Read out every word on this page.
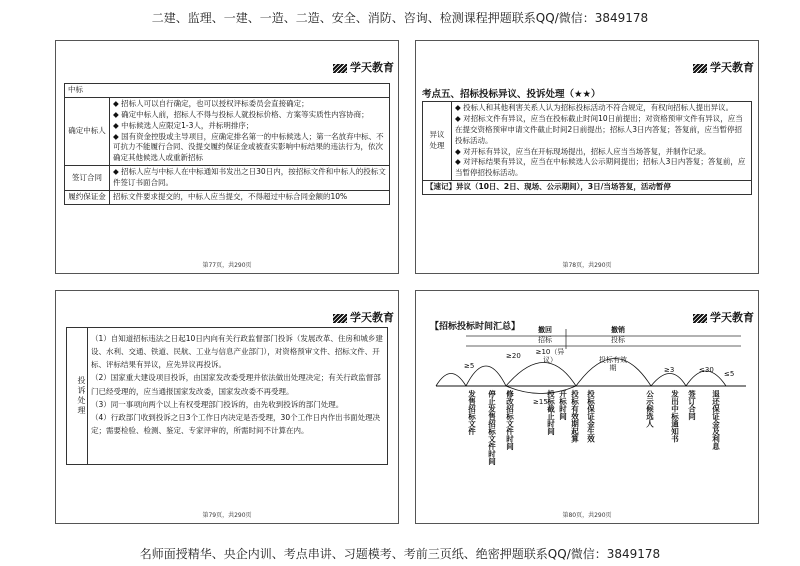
二建、监理、一建、一造、二造、安全、消防、咨询、检测课程押题联系QQ/微信：3849178
学天教育
中标	
确定中标人	◆ 招标人可以自行确定，也可以授权评标委员会直接确定；

◆ 确定中标人前，招标人不得与投标人就投标价格、方案等实质性内容协商；

◆ 中标候选人应限定1-3人，并标明排序；

◆ 国有资金控股或主导项目，应确定排名第一的中标候选人；第一名放弃中标、不可抗力不能履行合同、没提交履约保证金或被查实影响中标结果的违法行为，依次确定其他候选人或重新招标

签订合同	◆ 招标人应与中标人在中标通知书发出之日30日内，按招标文件和中标人的投标文件签订书面合同。
履约保证金	招标文件要求提交的，中标人应当提交，不得超过中标合同金额的10%
第77页，共290页
学天教育
考点五、招标投标异议、投诉处理（★★）
异议处理	

◆ 投标人和其他利害关系人认为招标投标活动不符合规定，有权向招标人提出异议。

◆ 对招标文件有异议，应当在投标截止时间10日前提出；对资格预审文件有异议，应当在提交资格预审申请文件截止时间2日前提出；招标人3日内答复；答复前，应当暂停招投标活动。

◆ 对开标有异议，应当在开标现场提出，招标人应当当场答复，并制作记录。

◆ 对评标结果有异议，应当在中标候选人公示期间提出；招标人3日内答复；答复前，应当暂停招投标活动。

【速记】异议（10日、2日、现场、公示期间），3日/当场答复，活动暂停
第78页，共290页
学天教育
投诉处理

（1）自知道招标违法之日起10日内向有关行政监督部门投诉（发展改革、住房和城乡建设、水利、交通、铁道、民航、工业与信息产业部门），对资格预审文件、招标文件、开标、评标结果有异议，应先异议再投诉。

（2）国家重大建设项目投诉，由国家发改委受理并依法做出处理决定；有关行政监督部门已经受理的，应当通报国家发改委，国家发改委不再受理。

（3）同一事项向两个以上有权受理部门投诉的，由先收到投诉的部门处理。

（4）行政部门收到投诉之日3个工作日内决定是否受理，30个工作日内作出书面处理决定；需要检验、检测、鉴定、专家评审的，所需时间不计算在内。

第79页，共290页
学天教育
【招标投标时间汇总】
招标	投标
撤回	撤销
≥5
≥20	≥10（异议）	投标有效期	≥3	≤30 ≤5
≥15
发售招标文件 停止发售招标文件时间 修改招标文件时间	投标截止时间 开标时间 投标有效期起算 投标保证金生效	公示候选人 发出中标通知书 签订合同 退还保证金及利息
第80页，共290页
名师面授精华、央企内训、考点串讲、习题模考、考前三页纸、绝密押题联系QQ/微信：3849178
